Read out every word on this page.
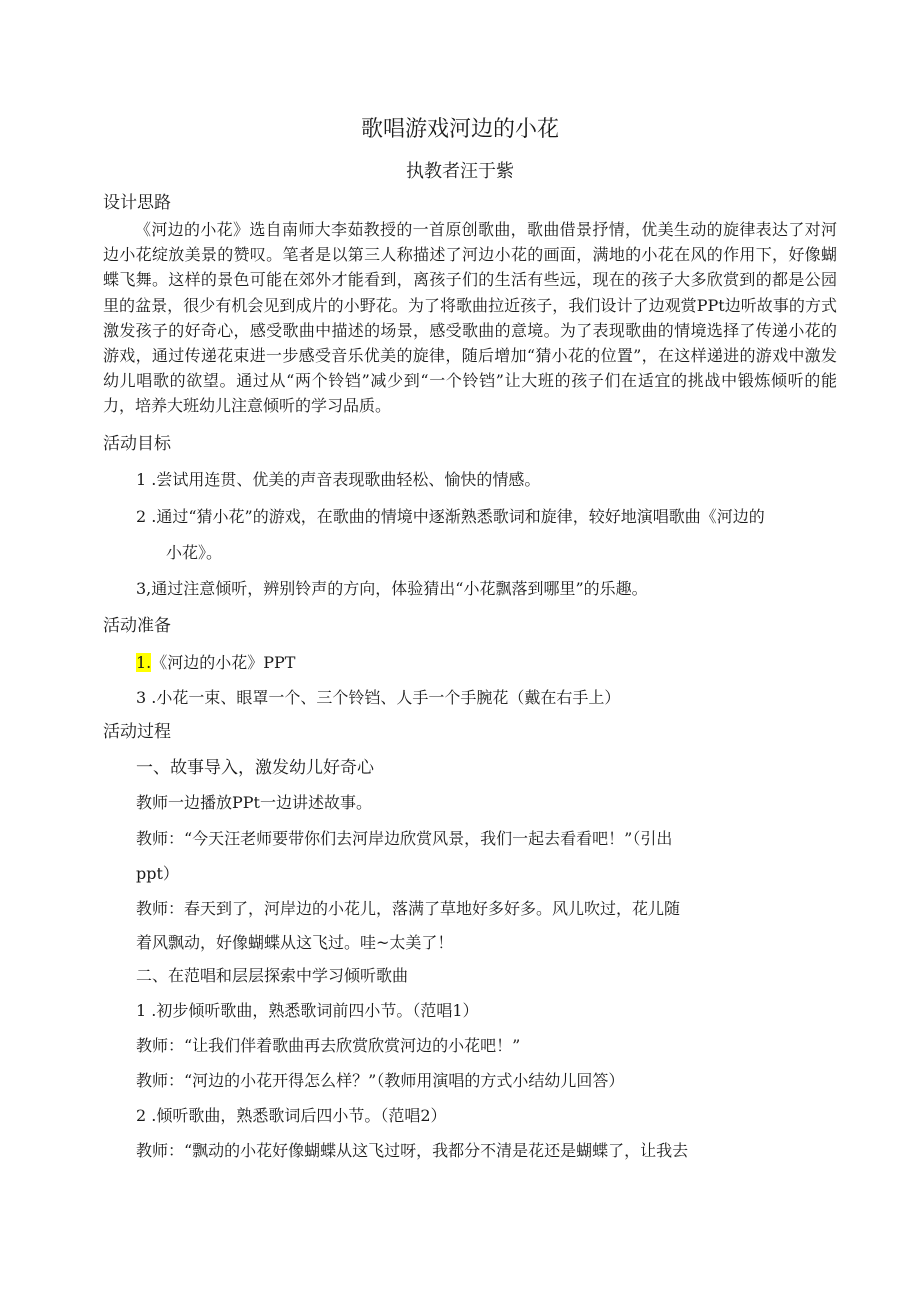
歌唱游戏河边的小花
执教者汪于紫
设计思路
《河边的小花》选自南师大李茹教授的一首原创歌曲，歌曲借景抒情，优美生动的旋律表达了对河边小花绽放美景的赞叹。笔者是以第三人称描述了河边小花的画面，满地的小花在风的作用下，好像蝴蝶飞舞。这样的景色可能在郊外才能看到，离孩子们的生活有些远，现在的孩子大多欣赏到的都是公园里的盆景，很少有机会见到成片的小野花。为了将歌曲拉近孩子，我们设计了边观赏PPt边听故事的方式激发孩子的好奇心，感受歌曲中描述的场景，感受歌曲的意境。为了表现歌曲的情境选择了传递小花的游戏，通过传递花束进一步感受音乐优美的旋律，随后增加“猜小花的位置”，在这样递进的游戏中激发幼儿唱歌的欲望。通过从“两个铃铛”减少到“一个铃铛”让大班的孩子们在适宜的挑战中锻炼倾听的能力，培养大班幼儿注意倾听的学习品质。
活动目标
1 .尝试用连贯、优美的声音表现歌曲轻松、愉快的情感。
2 .通过“猜小花”的游戏，在歌曲的情境中逐渐熟悉歌词和旋律，较好地演唱歌曲《河边的
小花》。
3,通过注意倾听，辨别铃声的方向，体验猜出“小花飘落到哪里”的乐趣。
活动准备
1.《河边的小花》PPT
3 .小花一束、眼罩一个、三个铃铛、人手一个手腕花（戴在右手上）
活动过程
一、故事导入，激发幼儿好奇心
教师一边播放PPt一边讲述故事。
教师：“今天汪老师要带你们去河岸边欣赏风景，我们一起去看看吧！”（引出
ppt）
教师：春天到了，河岸边的小花儿，落满了草地好多好多。风儿吹过，花儿随
着风飘动，好像蝴蝶从这飞过。哇~太美了！
二、在范唱和层层探索中学习倾听歌曲
1 .初步倾听歌曲，熟悉歌词前四小节。（范唱1）
教师：“让我们伴着歌曲再去欣赏欣赏河边的小花吧！”
教师：“河边的小花开得怎么样？”（教师用演唱的方式小结幼儿回答）
2 .倾听歌曲，熟悉歌词后四小节。（范唱2）
教师：“飘动的小花好像蝴蝶从这飞过呀，我都分不清是花还是蝴蝶了，让我去
